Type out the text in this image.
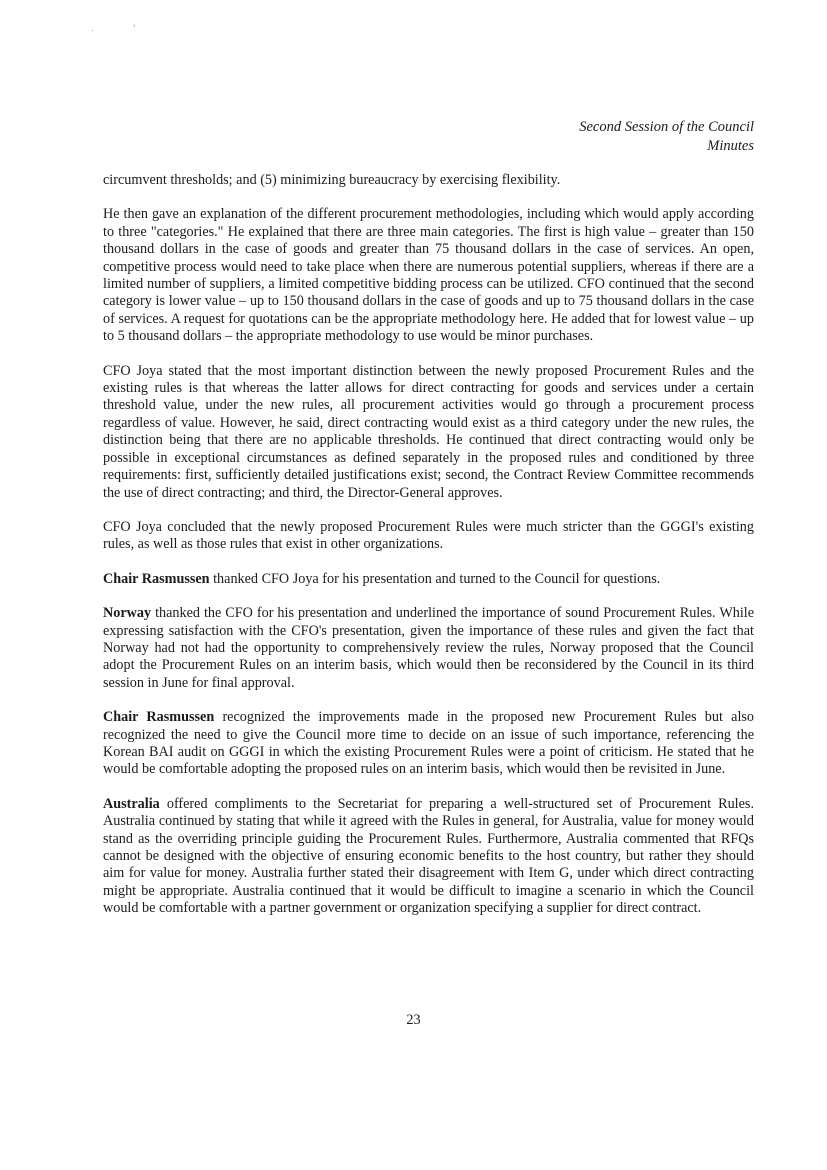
.	'
Second Session of the Council
Minutes

circumvent thresholds; and (5) minimizing bureaucracy by exercising flexibility.

He then gave an explanation of the different procurement methodologies, including which would apply according to three "categories." He explained that there are three main categories. The first is high value – greater than 150 thousand dollars in the case of goods and greater than 75 thousand dollars in the case of services. An open, competitive process would need to take place when there are numerous potential suppliers, whereas if there are a limited number of suppliers, a limited competitive bidding process can be utilized. CFO continued that the second category is lower value – up to 150 thousand dollars in the case of goods and up to 75 thousand dollars in the case of services. A request for quotations can be the appropriate methodology here. He added that for lowest value – up to 5 thousand dollars – the appropriate methodology to use would be minor purchases.

CFO Joya stated that the most important distinction between the newly proposed Procurement Rules and the existing rules is that whereas the latter allows for direct contracting for goods and services under a certain threshold value, under the new rules, all procurement activities would go through a procurement process regardless of value. However, he said, direct contracting would exist as a third category under the new rules, the distinction being that there are no applicable thresholds. He continued that direct contracting would only be possible in exceptional circumstances as defined separately in the proposed rules and conditioned by three requirements: first, sufficiently detailed justifications exist; second, the Contract Review Committee recommends the use of direct contracting; and third, the Director-General approves.

CFO Joya concluded that the newly proposed Procurement Rules were much stricter than the GGGI's existing rules, as well as those rules that exist in other organizations.

Chair Rasmussen thanked CFO Joya for his presentation and turned to the Council for questions.

Norway thanked the CFO for his presentation and underlined the importance of sound Procurement Rules. While expressing satisfaction with the CFO's presentation, given the importance of these rules and given the fact that Norway had not had the opportunity to comprehensively review the rules, Norway proposed that the Council adopt the Procurement Rules on an interim basis, which would then be reconsidered by the Council in its third session in June for final approval.

Chair Rasmussen recognized the improvements made in the proposed new Procurement Rules but also recognized the need to give the Council more time to decide on an issue of such importance, referencing the Korean BAI audit on GGGI in which the existing Procurement Rules were a point of criticism. He stated that he would be comfortable adopting the proposed rules on an interim basis, which would then be revisited in June.

Australia offered compliments to the Secretariat for preparing a well-structured set of Procurement Rules. Australia continued by stating that while it agreed with the Rules in general, for Australia, value for money would stand as the overriding principle guiding the Procurement Rules. Furthermore, Australia commented that RFQs cannot be designed with the objective of ensuring economic benefits to the host country, but rather they should aim for value for money. Australia further stated their disagreement with Item G, under which direct contracting might be appropriate. Australia continued that it would be difficult to imagine a scenario in which the Council would be comfortable with a partner government or organization specifying a supplier for direct contract.

23
